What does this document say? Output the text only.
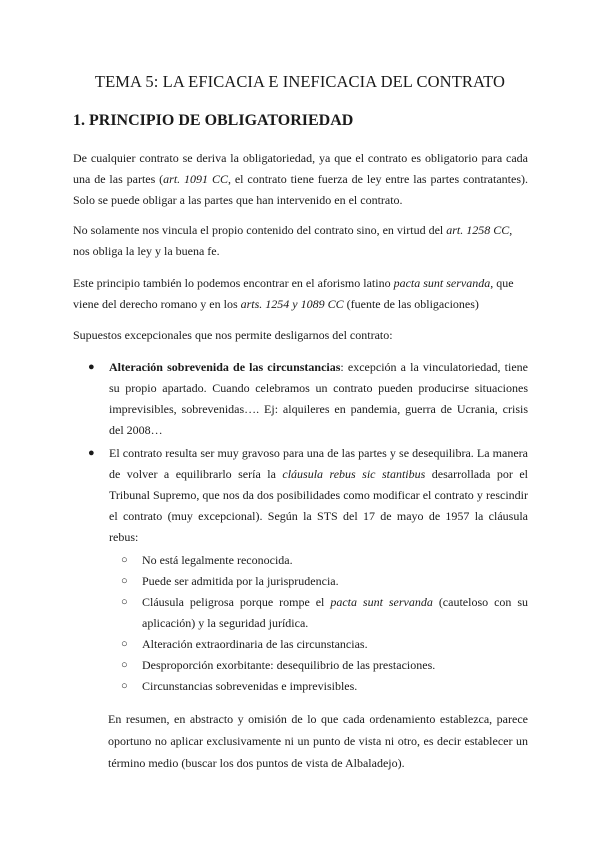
TEMA 5: LA EFICACIA E INEFICACIA DEL CONTRATO
1. PRINCIPIO DE OBLIGATORIEDAD

De cualquier contrato se deriva la obligatoriedad, ya que el contrato es obligatorio para cada una de las partes (art. 1091 CC, el contrato tiene fuerza de ley entre las partes contratantes). Solo se puede obligar a las partes que han intervenido en el contrato.

No solamente nos vincula el propio contenido del contrato sino, en virtud del art. 1258 CC, nos obliga la ley y la buena fe.

Este principio también lo podemos encontrar en el aforismo latino pacta sunt servanda, que viene del derecho romano y en los arts. 1254 y 1089 CC (fuente de las obligaciones)

Supuestos excepcionales que nos permite desligarnos del contrato:

● Alteración sobrevenida de las circunstancias: excepción a la vinculatoriedad, tiene su propio apartado. Cuando celebramos un contrato pueden producirse situaciones imprevisibles, sobrevenidas…. Ej: alquileres en pandemia, guerra de Ucrania, crisis del 2008…
● El contrato resulta ser muy gravoso para una de las partes y se desequilibra. La manera de volver a equilibrarlo sería la cláusula rebus sic stantibus desarrollada por el Tribunal Supremo, que nos da dos posibilidades como modificar el contrato y rescindir el contrato (muy excepcional). Según la STS del 17 de mayo de 1957 la cláusula rebus:
○ No está legalmente reconocida.
○ Puede ser admitida por la jurisprudencia.
○ Cláusula peligrosa porque rompe el pacta sunt servanda (cauteloso con su aplicación) y la seguridad jurídica.
○ Alteración extraordinaria de las circunstancias.
○ Desproporción exorbitante: desequilibrio de las prestaciones.
○ Circunstancias sobrevenidas e imprevisibles.

En resumen, en abstracto y omisión de lo que cada ordenamiento establezca, parece oportuno no aplicar exclusivamente ni un punto de vista ni otro, es decir establecer un término medio (buscar los dos puntos de vista de Albaladejo).
